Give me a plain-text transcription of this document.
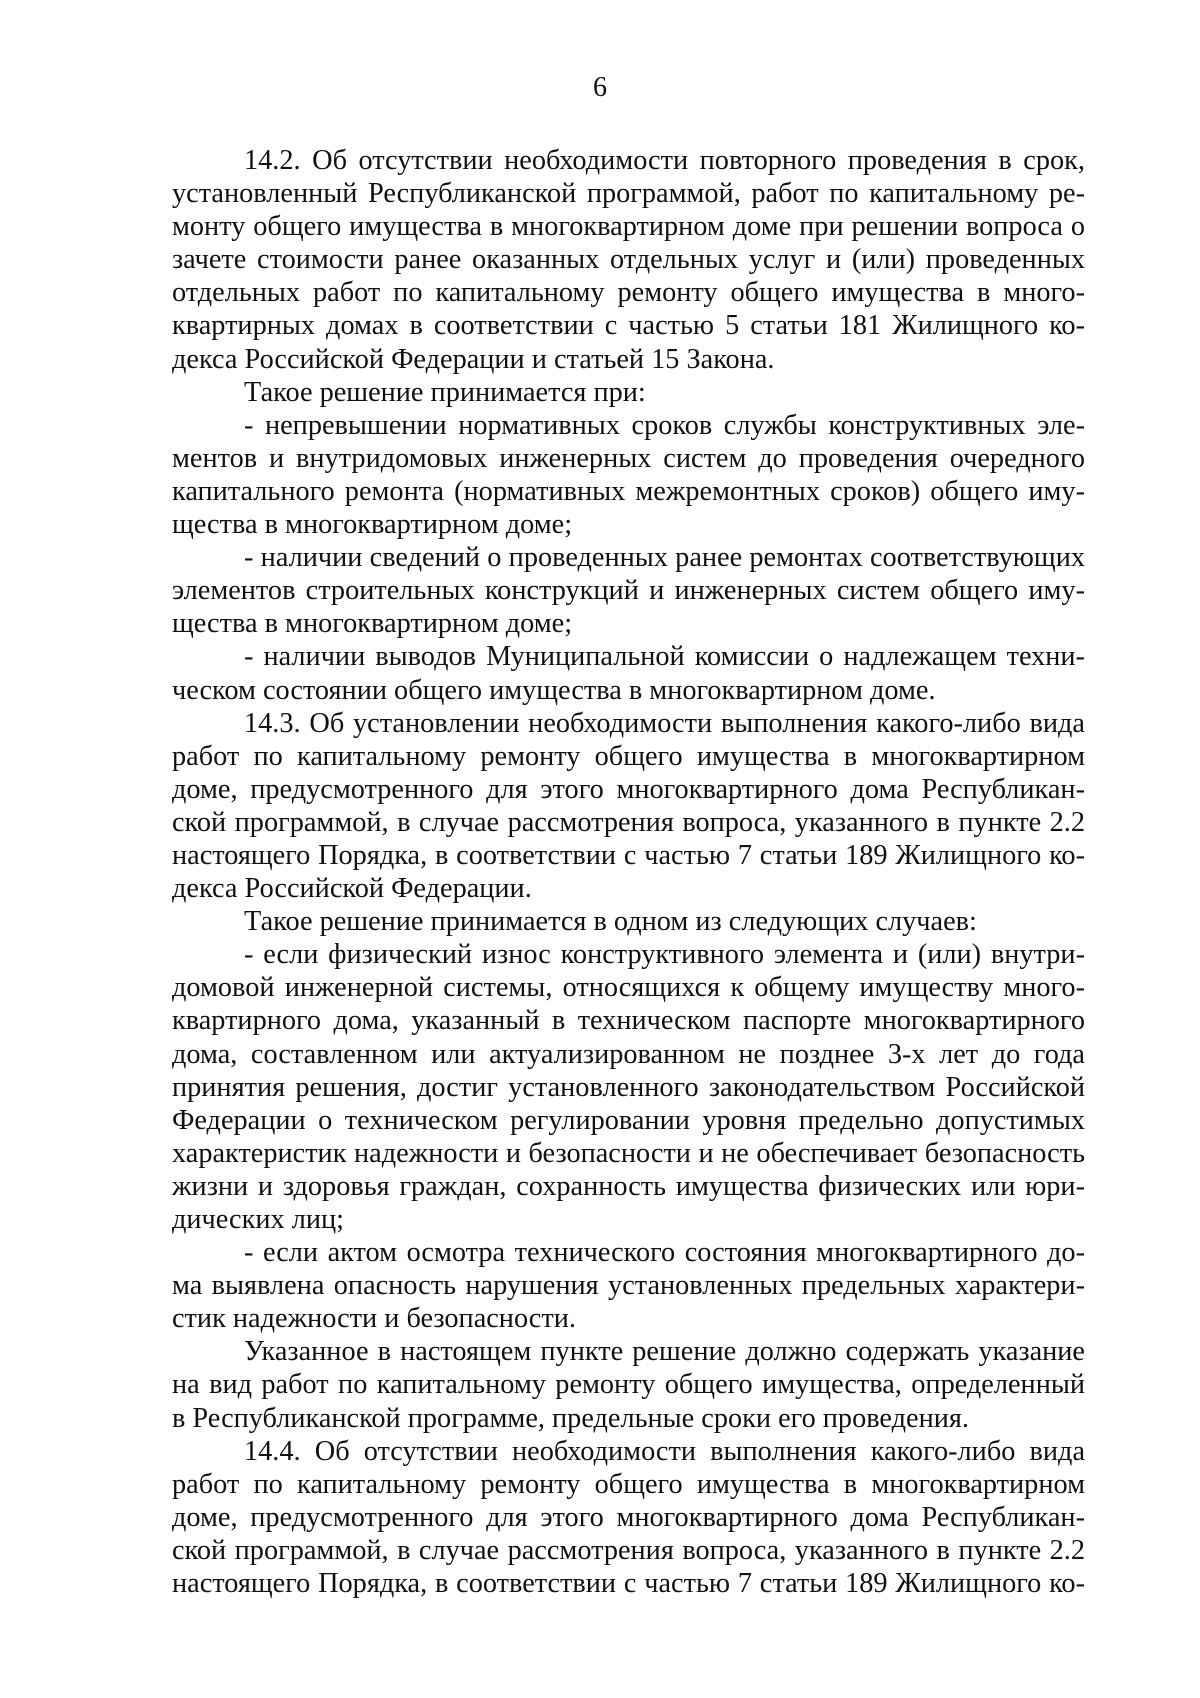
6
14.2. Об отсутствии необходимости повторного проведения в срок,
установленный Республиканской программой, работ по капитальному ре-
монту общего имущества в многоквартирном доме при решении вопроса о
зачете стоимости ранее оказанных отдельных услуг и (или) проведенных
отдельных работ по капитальному ремонту общего имущества в много-
квартирных домах в соответствии с частью 5 статьи 181 Жилищного ко-
декса Российской Федерации и статьей 15 Закона.
Такое решение принимается при:
- непревышении нормативных сроков службы конструктивных эле-
ментов и внутридомовых инженерных систем до проведения очередного
капитального ремонта (нормативных межремонтных сроков) общего иму-
щества в многоквартирном доме;
- наличии сведений о проведенных ранее ремонтах соответствующих
элементов строительных конструкций и инженерных систем общего иму-
щества в многоквартирном доме;
- наличии выводов Муниципальной комиссии о надлежащем техни-
ческом состоянии общего имущества в многоквартирном доме.
14.3. Об установлении необходимости выполнения какого-либо вида
работ по капитальному ремонту общего имущества в многоквартирном
доме, предусмотренного для этого многоквартирного дома Республикан-
ской программой, в случае рассмотрения вопроса, указанного в пункте 2.2
настоящего Порядка, в соответствии с частью 7 статьи 189 Жилищного ко-
декса Российской Федерации.
Такое решение принимается в одном из следующих случаев:
- если физический износ конструктивного элемента и (или) внутри-
домовой инженерной системы, относящихся к общему имуществу много-
квартирного дома, указанный в техническом паспорте многоквартирного
дома, составленном или актуализированном не позднее 3-х лет до года
принятия решения, достиг установленного законодательством Российской
Федерации о техническом регулировании уровня предельно допустимых
характеристик надежности и безопасности и не обеспечивает безопасность
жизни и здоровья граждан, сохранность имущества физических или юри-
дических лиц;
- если актом осмотра технического состояния многоквартирного до-
ма выявлена опасность нарушения установленных предельных характери-
стик надежности и безопасности.
Указанное в настоящем пункте решение должно содержать указание
на вид работ по капитальному ремонту общего имущества, определенный
в Республиканской программе, предельные сроки его проведения.
14.4. Об отсутствии необходимости выполнения какого-либо вида
работ по капитальному ремонту общего имущества в многоквартирном
доме, предусмотренного для этого многоквартирного дома Республикан-
ской программой, в случае рассмотрения вопроса, указанного в пункте 2.2
настоящего Порядка, в соответствии с частью 7 статьи 189 Жилищного ко-
